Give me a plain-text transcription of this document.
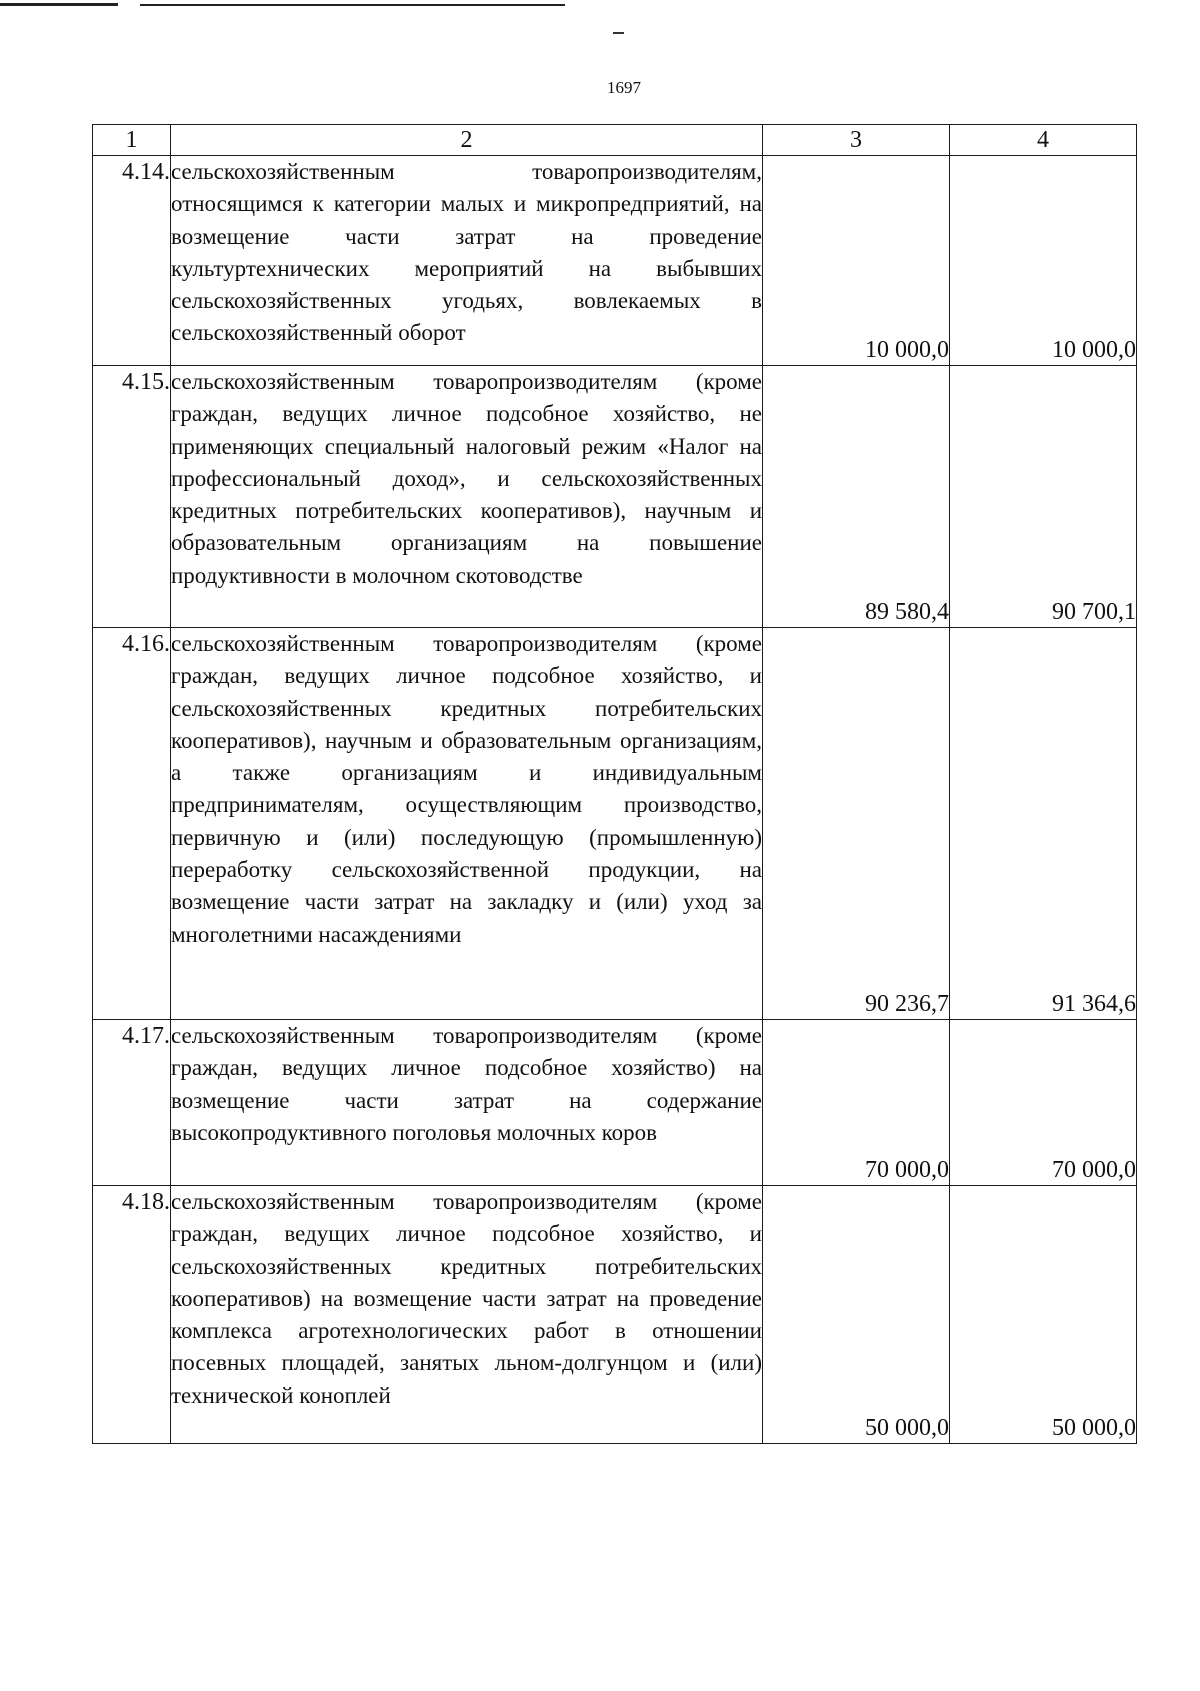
1697
1	2	3	4
4.14.	сельскохозяйственным товаропроизводителям, относящимся к категории малых и микропредприятий, на возмещение части затрат на проведение культуртехнических мероприятий на выбывших сельскохозяйственных угодьях, вовлекаемых в сельскохозяйственный оборот	10 000,0	10 000,0
4.15.	сельскохозяйственным товаропроизводителям (кроме граждан, ведущих личное подсобное хозяйство, не применяющих специальный налоговый режим «Налог на профессиональный доход», и сельскохозяйственных кредитных потребительских кооперативов), научным и образовательным организациям на повышение продуктивности в молочном скотоводстве	89 580,4	90 700,1
4.16.	сельскохозяйственным товаропроизводителям (кроме граждан, ведущих личное подсобное хозяйство, и сельскохозяйственных кредитных потребительских кооперативов), научным и образовательным организациям, а также организациям и индивидуальным предпринимателям, осуществляющим производство, первичную и (или) последующую (промышленную) переработку сельскохозяйственной продукции, на возмещение части затрат на закладку и (или) уход за многолетними насаждениями	90 236,7	91 364,6
4.17.	сельскохозяйственным товаропроизводителям (кроме граждан, ведущих личное подсобное хозяйство) на возмещение части затрат на содержание высокопродуктивного поголовья молочных коров	70 000,0	70 000,0
4.18.	сельскохозяйственным товаропроизводителям (кроме граждан, ведущих личное подсобное хозяйство, и сельскохозяйственных кредитных потребительских кооперативов) на возмещение части затрат на проведение комплекса агротехнологических работ в отношении посевных площадей, занятых льном-долгунцом и (или) технической коноплей	50 000,0	50 000,0
